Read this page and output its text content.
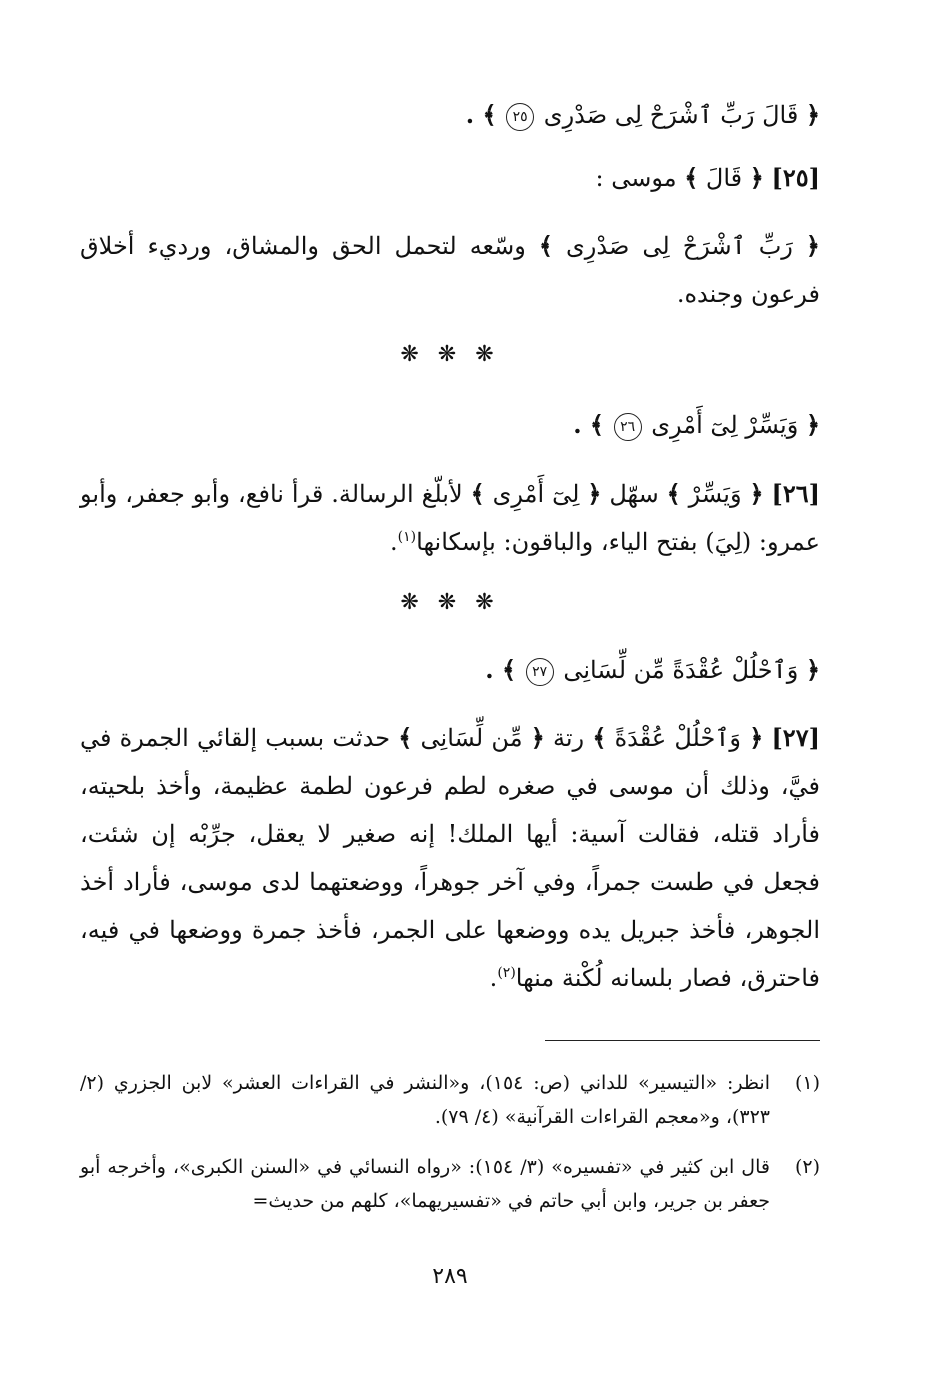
﴿ قَالَ رَبِّ ٱشْرَحْ لِى صَدْرِى ٢٥ ﴾ .
[٢٥] ﴿ قَالَ ﴾ موسى :
﴿ رَبِّ ٱشْرَحْ لِى صَدْرِى ﴾ وسّعه لتحمل الحق والمشاق، ورديء أخلاق فرعون وجنده.
❋ ❋ ❋
﴿ وَيَسِّرْ لِىٓ أَمْرِى ٢٦ ﴾ .
[٢٦] ﴿ وَيَسِّرْ ﴾ سهّل ﴿ لِىٓ أَمْرِى ﴾ لأبلّغ الرسالة. قرأ نافع، وأبو جعفر، وأبو عمرو: (لِيَ) بفتح الياء، والباقون: بإسكانها$^{(١)}$.
❋ ❋ ❋
﴿ وَٱحْلُلْ عُقْدَةً مِّن لِّسَانِى ٢٧ ﴾ .
[٢٧] ﴿ وَٱحْلُلْ عُقْدَةً ﴾ رتة ﴿ مِّن لِّسَانِى ﴾ حدثت بسبب إلقائي الجمرة في فيَّ، وذلك أن موسى في صغره لطم فرعون لطمة عظيمة، وأخذ بلحيته، فأراد قتله، فقالت آسية: أيها الملك! إنه صغير لا يعقل، جرِّبْه إن شئت، فجعل في طست جمراً، وفي آخر جوهراً، ووضعتهما لدى موسى، فأراد أخذ الجوهر، فأخذ جبريل يده ووضعها على الجمر، فأخذ جمرة ووضعها في فيه، فاحترق، فصار بلسانه لُكْنة منها$^{(٢)}$.
(١)
انظر: «التيسير» للداني (ص: ١٥٤)، و«النشر في القراءات العشر» لابن الجزري (٢/ ٣٢٣)، و«معجم القراءات القرآنية» (٤/ ٧٩).
(٢)
قال ابن كثير في «تفسيره» (٣/ ١٥٤): «رواه النسائي في «السنن الكبرى»، وأخرجه أبو جعفر بن جرير، وابن أبي حاتم في «تفسيريهما»، كلهم من حديث=
٢٨٩
